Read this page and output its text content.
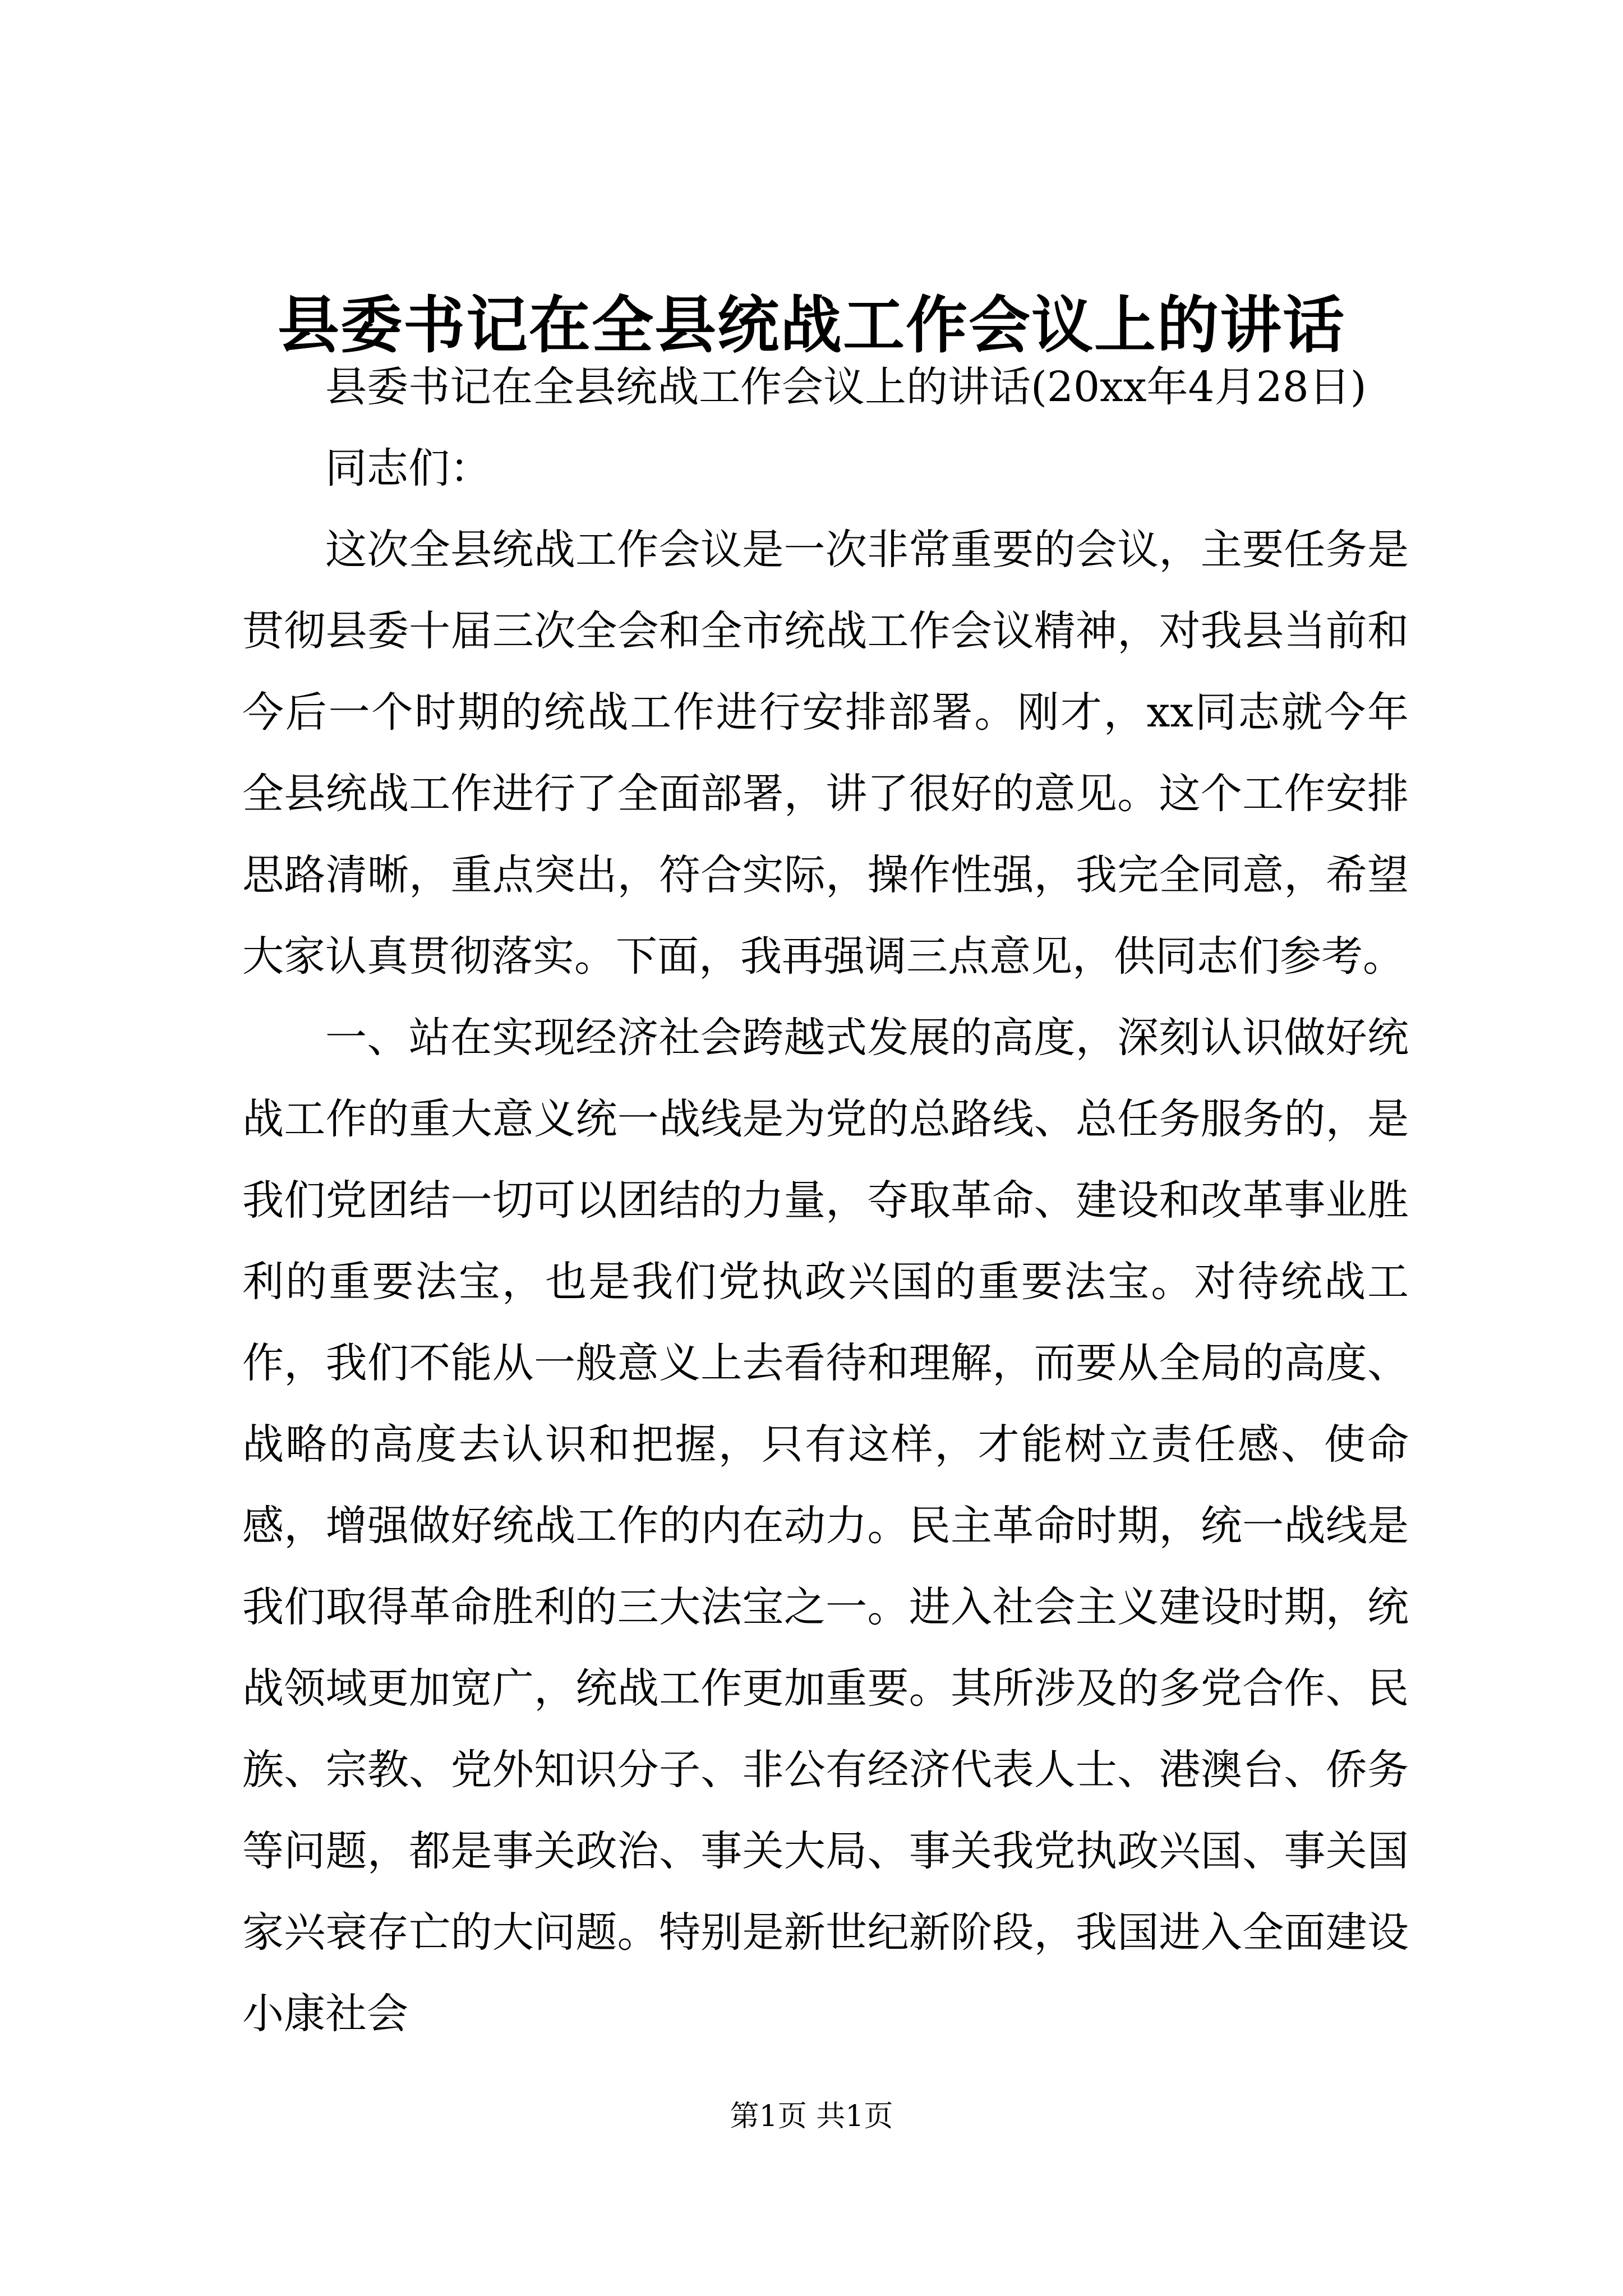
县委书记在全县统战工作会议上的讲话

县委书记在全县统战工作会议上的讲话(20xx年4月28日)

同志们：

这次全县统战工作会议是一次非常重要的会议，主要任务是贯彻县委十届三次全会和全市统战工作会议精神，对我县当前和今后一个时期的统战工作进行安排部署。刚才，xx同志就今年全县统战工作进行了全面部署，讲了很好的意见。这个工作安排思路清晰，重点突出，符合实际，操作性强，我完全同意，希望大家认真贯彻落实。下面，我再强调三点意见，供同志们参考。

一、站在实现经济社会跨越式发展的高度，深刻认识做好统战工作的重大意义统一战线是为党的总路线、总任务服务的，是我们党团结一切可以团结的力量，夺取革命、建设和改革事业胜利的重要法宝，也是我们党执政兴国的重要法宝。对待统战工作，我们不能从一般意义上去看待和理解，而要从全局的高度、战略的高度去认识和把握，只有这样，才能树立责任感、使命感，增强做好统战工作的内在动力。民主革命时期，统一战线是我们取得革命胜利的三大法宝之一。进入社会主义建设时期，统战领域更加宽广，统战工作更加重要。其所涉及的多党合作、民族、宗教、党外知识分子、非公有经济代表人士、港澳台、侨务等问题，都是事关政治、事关大局、事关我党执政兴国、事关国家兴衰存亡的大问题。特别是新世纪新阶段，我国进入全面建设小康社会

第1页 共1页
